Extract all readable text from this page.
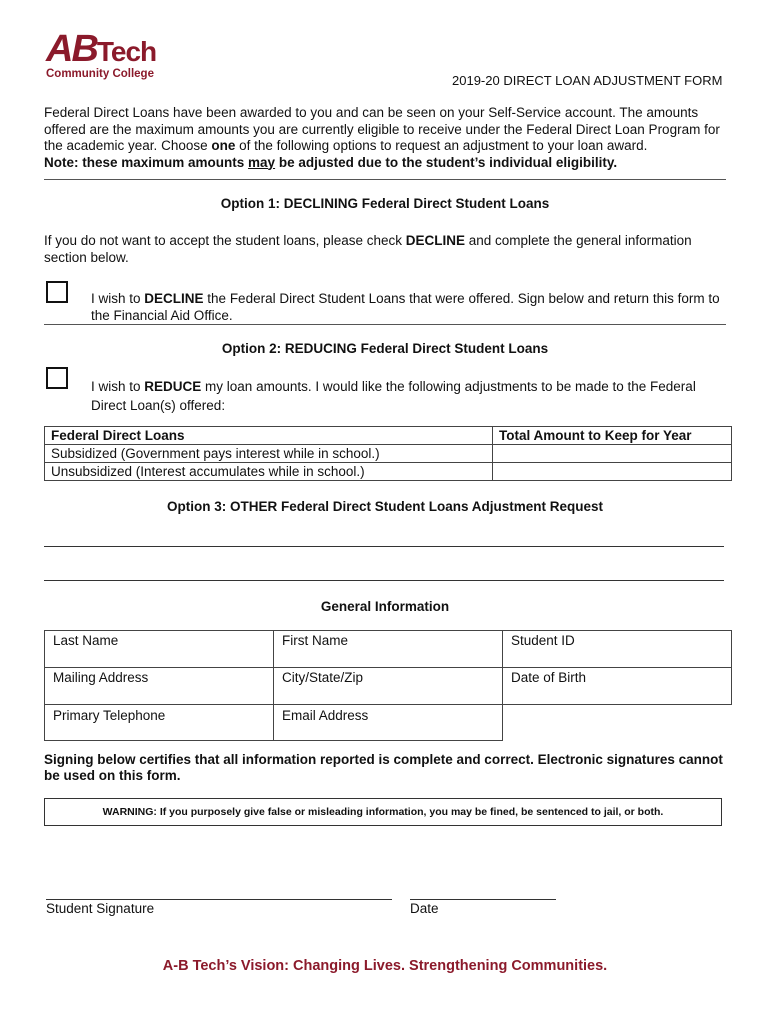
ABTech
Community College	2019-20 DIRECT LOAN ADJUSTMENT FORM
Federal Direct Loans have been awarded to you and can be seen on your Self-Service account. The amounts offered are the maximum amounts you are currently eligible to receive under the Federal Direct Loan Program for the academic year. Choose one of the following options to request an adjustment to your loan award.
Note: these maximum amounts may be adjusted due to the student’s individual eligibility.
Option 1: DECLINING Federal Direct Student Loans
If you do not want to accept the student loans, please check DECLINE and complete the general information section below.
I wish to DECLINE the Federal Direct Student Loans that were offered. Sign below and return this form to the Financial Aid Office.
Option 2: REDUCING Federal Direct Student Loans
I wish to REDUCE my loan amounts. I would like the following adjustments to be made to the Federal Direct Loan(s) offered:
Federal Direct Loans	Total Amount to Keep for Year
Subsidized (Government pays interest while in school.)	
Unsubsidized (Interest accumulates while in school.)	
Option 3: OTHER Federal Direct Student Loans Adjustment Request
General Information
Last Name	First Name	Student ID
Mailing Address	City/State/Zip	Date of Birth
Primary Telephone	Email Address	
Signing below certifies that all information reported is complete and correct. Electronic signatures cannot be used on this form.
WARNING: If you purposely give false or misleading information, you may be fined, be sentenced to jail, or both.
Student Signature	Date
A-B Tech’s Vision: Changing Lives. Strengthening Communities.
